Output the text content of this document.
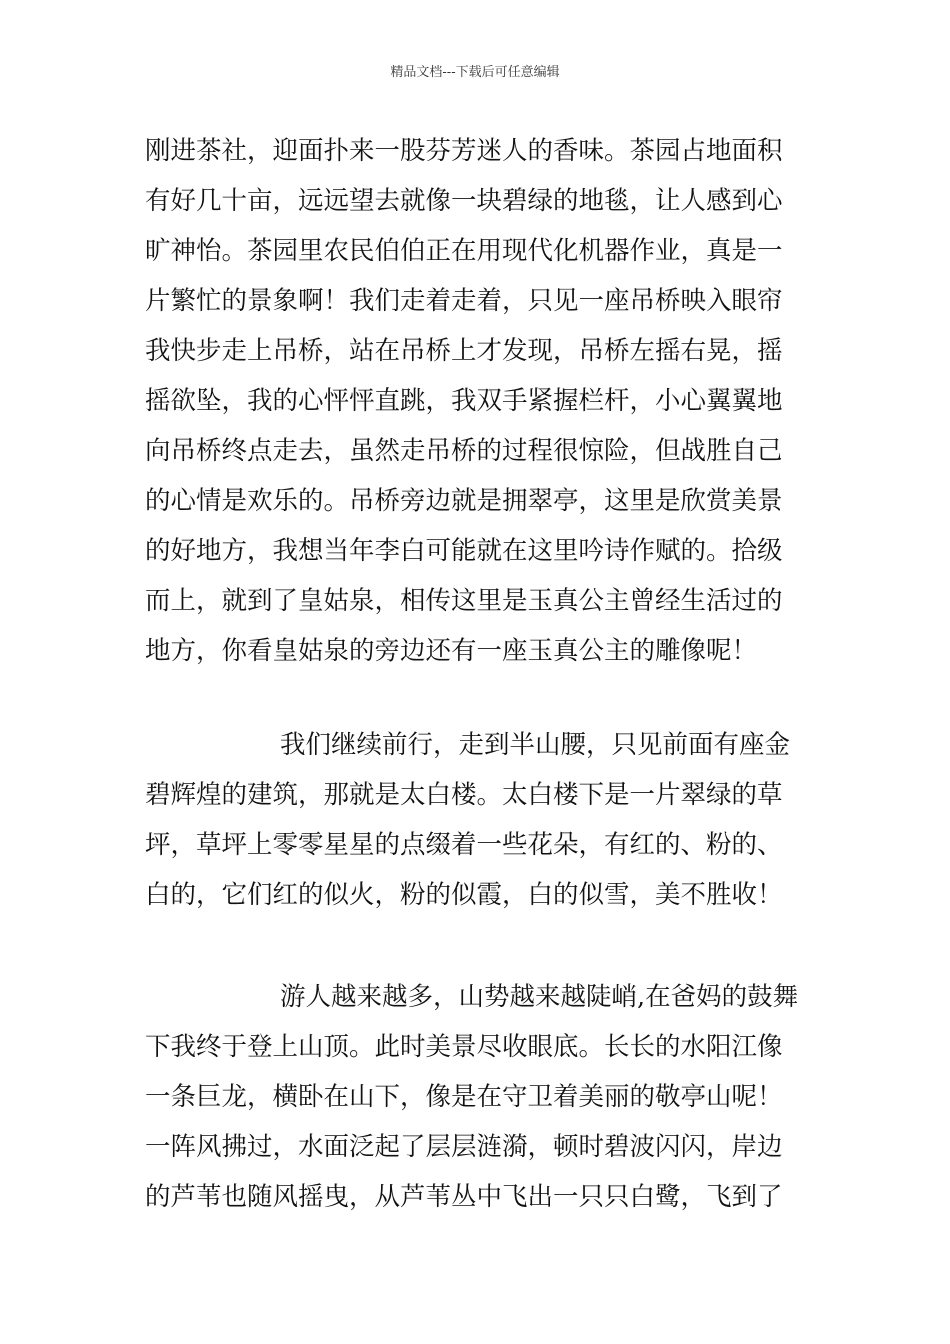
精品文档---下载后可任意编辑
刚进茶社，迎面扑来一股芬芳迷人的香味。茶园占地面积
有好几十亩，远远望去就像一块碧绿的地毯，让人感到心
旷神怡。茶园里农民伯伯正在用现代化机器作业，真是一
片繁忙的景象啊！我们走着走着，只见一座吊桥映入眼帘
我快步走上吊桥，站在吊桥上才发现，吊桥左摇右晃，摇
摇欲坠，我的心怦怦直跳，我双手紧握栏杆，小心翼翼地
向吊桥终点走去，虽然走吊桥的过程很惊险，但战胜自己
的心情是欢乐的。吊桥旁边就是拥翠亭，这里是欣赏美景
的好地方，我想当年李白可能就在这里吟诗作赋的。拾级
而上，就到了皇姑泉，相传这里是玉真公主曾经生活过的
地方，你看皇姑泉的旁边还有一座玉真公主的雕像呢！
我们继续前行，走到半山腰，只见前面有座金
碧辉煌的建筑，那就是太白楼。太白楼下是一片翠绿的草
坪，草坪上零零星星的点缀着一些花朵，有红的、粉的、
白的，它们红的似火，粉的似霞，白的似雪，美不胜收！
游人越来越多，山势越来越陡峭,在爸妈的鼓舞
下我终于登上山顶。此时美景尽收眼底。长长的水阳江像
一条巨龙，横卧在山下，像是在守卫着美丽的敬亭山呢！
一阵风拂过，水面泛起了层层涟漪，顿时碧波闪闪，岸边
的芦苇也随风摇曳，从芦苇丛中飞出一只只白鹭，飞到了
